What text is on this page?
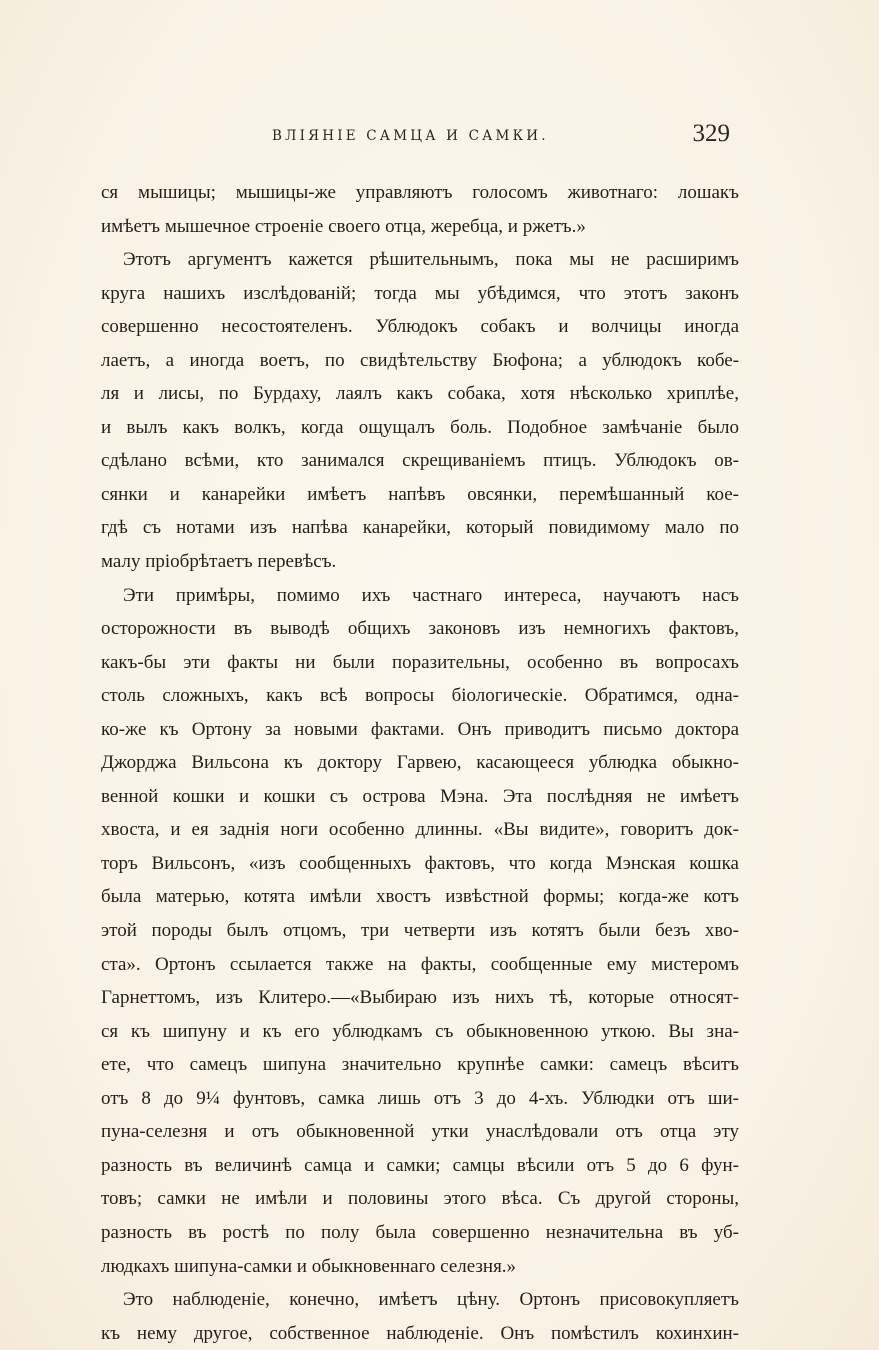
ВЛІЯНІЕ САМЦА И САМКИ.	329
ся мышицы; мышицы-же управляютъ голосомъ животнаго: лошакъ
имѣетъ мышечное строеніе своего отца, жеребца, и ржетъ.»
Этотъ аргументъ кажется рѣшительнымъ, пока мы не расширимъ
круга нашихъ изслѣдованій; тогда мы убѣдимся, что этотъ законъ
совершенно несостоятеленъ. Ублюдокъ собакъ и волчицы иногда
лаетъ, а иногда воетъ, по свидѣтельству Бюфона; а ублюдокъ кобе-
ля и лисы, по Бурдаху, лаялъ какъ собака, хотя нѣсколько хриплѣе,
и вылъ какъ волкъ, когда ощущалъ боль. Подобное замѣчаніе было
сдѣлано всѣми, кто занимался скрещиваніемъ птицъ. Ублюдокъ ов-
сянки и канарейки имѣетъ напѣвъ овсянки, перемѣшанный кое-
гдѣ съ нотами изъ напѣва канарейки, который повидимому мало по
малу пріобрѣтаетъ перевѣсъ.
Эти примѣры, помимо ихъ частнаго интереса, научаютъ насъ
осторожности въ выводѣ общихъ законовъ изъ немногихъ фактовъ,
какъ-бы эти факты ни были поразительны, особенно въ вопросахъ
столь сложныхъ, какъ всѣ вопросы біологическіе. Обратимся, одна-
ко-же къ Ортону за новыми фактами. Онъ приводитъ письмо доктора
Джорджа Вильсона къ доктору Гарвею, касающееся ублюдка обыкно-
венной кошки и кошки съ острова Мэна. Эта послѣдняя не имѣетъ
хвоста, и ея заднія ноги особенно длинны. «Вы видите», говоритъ док-
торъ Вильсонъ, «изъ сообщенныхъ фактовъ, что когда Мэнская кошка
была матерью, котята имѣли хвостъ извѣстной формы; когда-же котъ
этой породы былъ отцомъ, три четверти изъ котятъ были безъ хво-
ста». Ортонъ ссылается также на факты, сообщенные ему мистеромъ
Гарнеттомъ, изъ Клитеро.—«Выбираю изъ нихъ тѣ, которые относят-
ся къ шипуну и къ его ублюдкамъ съ обыкновенною уткою. Вы зна-
ете, что самецъ шипуна значительно крупнѣе самки: самецъ вѣситъ
отъ 8 до 9¼ фунтовъ, самка лишь отъ 3 до 4-хъ. Ублюдки отъ ши-
пуна-селезня и отъ обыкновенной утки унаслѣдовали отъ отца эту
разность въ величинѣ самца и самки; самцы вѣсили отъ 5 до 6 фун-
товъ; самки не имѣли и половины этого вѣса. Съ другой стороны,
разность въ ростѣ по полу была совершенно незначительна въ уб-
людкахъ шипуна-самки и обыкновеннаго селезня.»
Это наблюденіе, конечно, имѣетъ цѣну. Ортонъ присовокупляетъ
къ нему другое, собственное наблюденіе. Онъ помѣстилъ кохинхин-
